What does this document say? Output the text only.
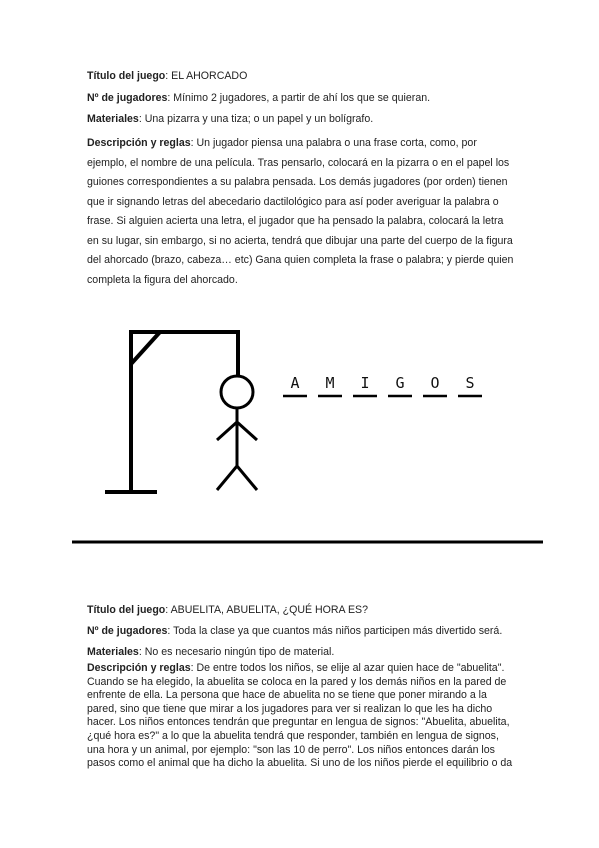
Título del juego: EL AHORCADO

Nº de jugadores: Mínimo 2 jugadores, a partir de ahí los que se quieran.

Materiales: Una pizarra y una tiza; o un papel y un bolígrafo.

Descripción y reglas: Un jugador piensa una palabra o una frase corta, como, por ejemplo, el nombre de una película. Tras pensarlo, colocará en la pizarra o en el papel los guiones correspondientes a su palabra pensada. Los demás jugadores (por orden) tienen que ir signando letras del abecedario dactilológico para así poder averiguar la palabra o frase. Si alguien acierta una letra, el jugador que ha pensado la palabra, colocará la letra en su lugar, sin embargo, si no acierta, tendrá que dibujar una parte del cuerpo de la figura del ahorcado (brazo, cabeza… etc) Gana quien completa la frase o palabra; y pierde quien completa la figura del ahorcado.

A M I G O S

Título del juego: ABUELITA, ABUELITA, ¿QUÉ HORA ES?

Nº de jugadores: Toda la clase ya que cuantos más niños participen más divertido será.

Materiales: No es necesario ningún tipo de material.

Descripción y reglas: De entre todos los niños, se elije al azar quien hace de "abuelita". Cuando se ha elegido, la abuelita se coloca en la pared y los demás niños en la pared de enfrente de ella. La persona que hace de abuelita no se tiene que poner mirando a la pared, sino que tiene que mirar a los jugadores para ver si realizan lo que les ha dicho hacer. Los niños entonces tendrán que preguntar en lengua de signos: "Abuelita, abuelita, ¿qué hora es?" a lo que la abuelita tendrá que responder, también en lengua de signos, una hora y un animal, por ejemplo: "son las 10 de perro". Los niños entonces darán los pasos como el animal que ha dicho la abuelita. Si uno de los niños pierde el equilibrio o da
